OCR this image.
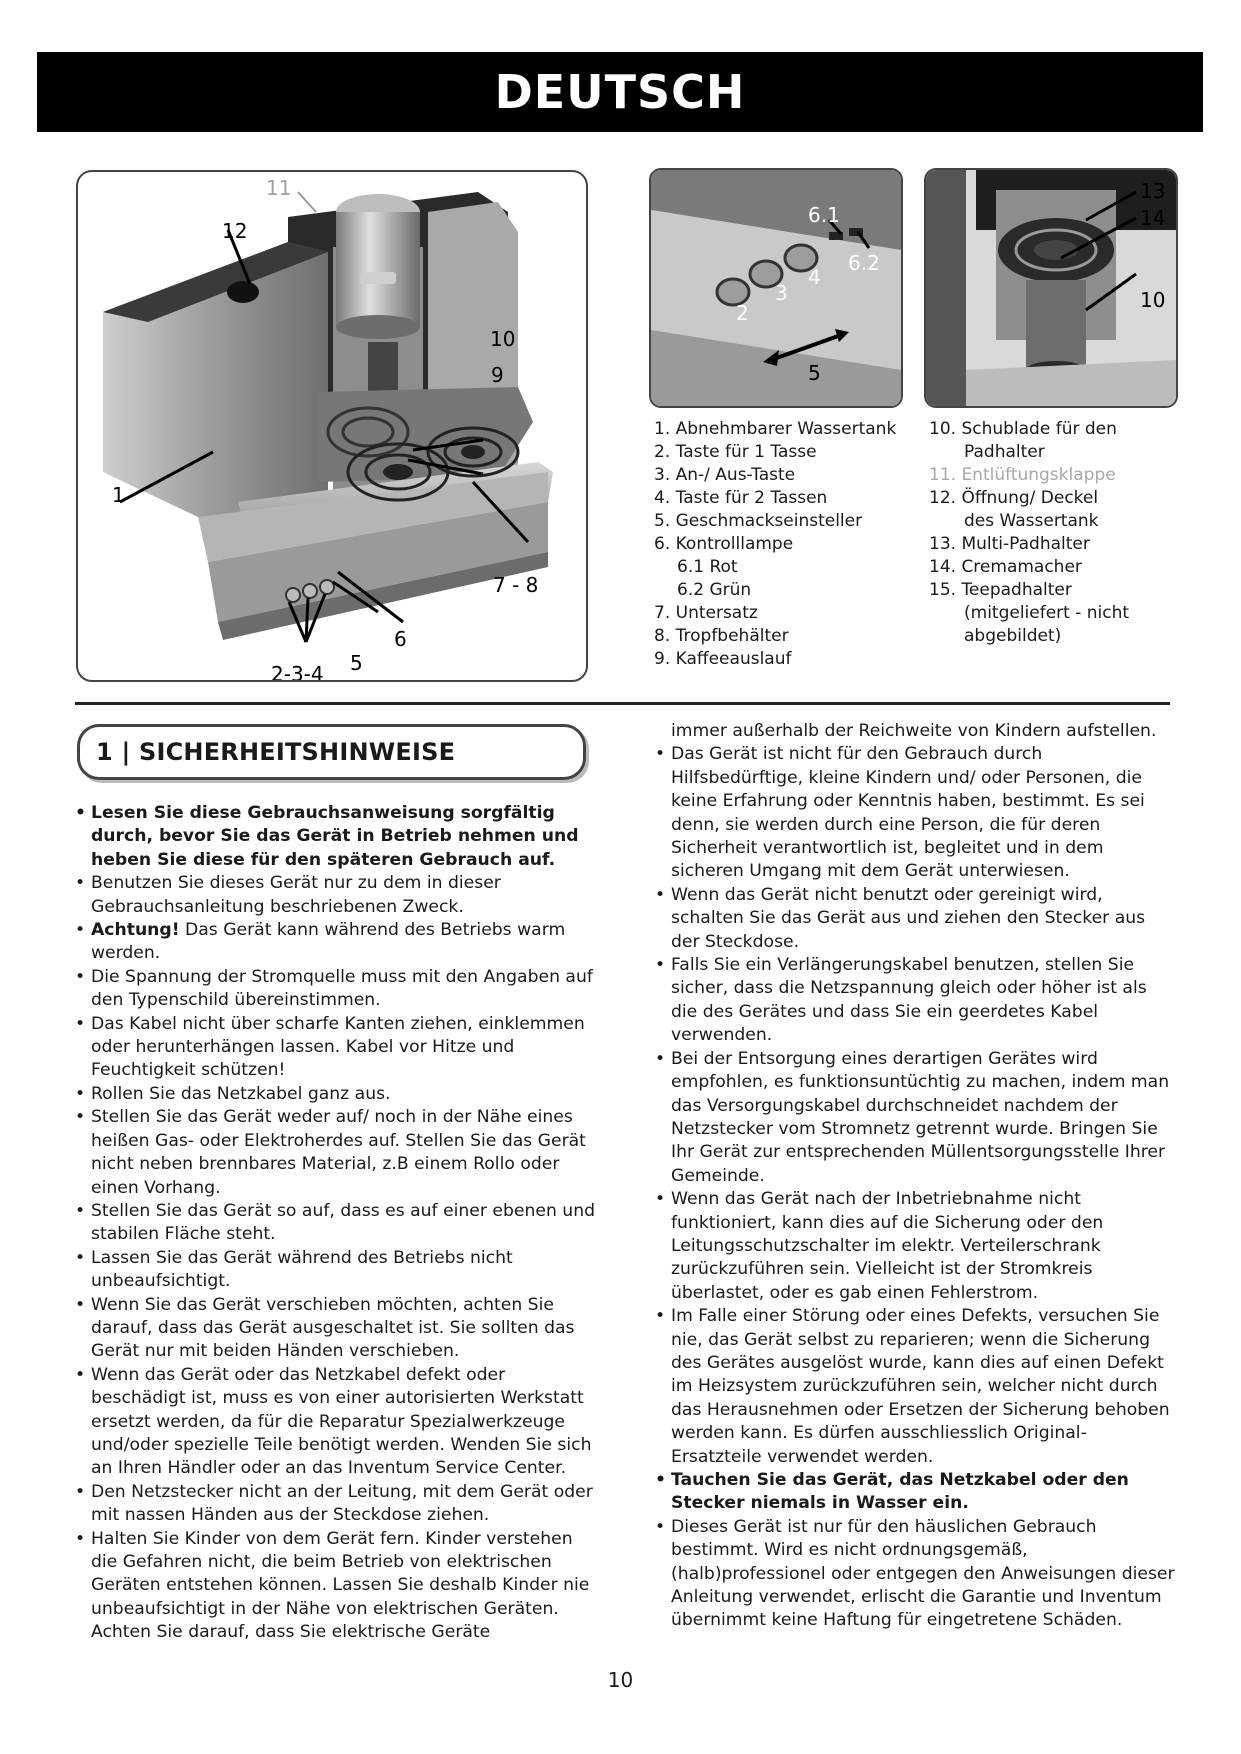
DEUTSCH
11
12
10
9
1
7 - 8
6
5
2-3-4
6.1
6.2
4
3
2
5
13
14
10
1. Abnehmbarer Wassertank
2. Taste für 1 Tasse
3. An-/ Aus-Taste
4. Taste für 2 Tassen
5. Geschmackseinsteller
6. Kontrolllampe
6.1 Rot
6.2 Grün
7. Untersatz
8. Tropfbehälter
9. Kaffeeauslauf
10. Schublade für den
Padhalter
11. Entlüftungsklappe
12. Öffnung/ Deckel
des Wassertank
13. Multi-Padhalter
14. Cremamacher
15. Teepadhalter
(mitgeliefert - nicht
abgebildet)
1 | SICHERHEITSHINWEISE
• Lesen Sie diese Gebrauchsanweisung sorgfältig durch, bevor Sie das Gerät in Betrieb nehmen und heben Sie diese für den späteren Gebrauch auf.
• Benutzen Sie dieses Gerät nur zu dem in dieser Gebrauchsanleitung beschriebenen Zweck.
• Achtung! Das Gerät kann während des Betriebs warm werden.
• Die Spannung der Stromquelle muss mit den Angaben auf den Typenschild übereinstimmen.
• Das Kabel nicht über scharfe Kanten ziehen, einklemmen oder herunterhängen lassen. Kabel vor Hitze und Feuchtigkeit schützen!
• Rollen Sie das Netzkabel ganz aus.
• Stellen Sie das Gerät weder auf/ noch in der Nähe eines heißen Gas- oder Elektroherdes auf. Stellen Sie das Gerät nicht neben brennbares Material, z.B einem Rollo oder einen Vorhang.
• Stellen Sie das Gerät so auf, dass es auf einer ebenen und stabilen Fläche steht.
• Lassen Sie das Gerät während des Betriebs nicht unbeaufsichtigt.
• Wenn Sie das Gerät verschieben möchten, achten Sie darauf, dass das Gerät ausgeschaltet ist. Sie sollten das Gerät nur mit beiden Händen verschieben.
• Wenn das Gerät oder das Netzkabel defekt oder beschädigt ist, muss es von einer autorisierten Werkstatt ersetzt werden, da für die Reparatur Spezialwerkzeuge und/oder spezielle Teile benötigt werden. Wenden Sie sich an Ihren Händler oder an das Inventum Service Center.
• Den Netzstecker nicht an der Leitung, mit dem Gerät oder mit nassen Händen aus der Steckdose ziehen.
• Halten Sie Kinder von dem Gerät fern. Kinder verstehen die Gefahren nicht, die beim Betrieb von elektrischen Geräten entstehen können. Lassen Sie deshalb Kinder nie unbeaufsichtigt in der Nähe von elektrischen Geräten. Achten Sie darauf, dass Sie elektrische Geräte
immer außerhalb der Reichweite von Kindern aufstellen.
• Das Gerät ist nicht für den Gebrauch durch Hilfsbedürftige, kleine Kindern und/ oder Personen, die keine Erfahrung oder Kenntnis haben, bestimmt. Es sei denn, sie werden durch eine Person, die für deren Sicherheit verantwortlich ist, begleitet und in dem sicheren Umgang mit dem Gerät unterwiesen.
• Wenn das Gerät nicht benutzt oder gereinigt wird, schalten Sie das Gerät aus und ziehen den Stecker aus der Steckdose.
• Falls Sie ein Verlängerungskabel benutzen, stellen Sie sicher, dass die Netzspannung gleich oder höher ist als die des Gerätes und dass Sie ein geerdetes Kabel verwenden.
• Bei der Entsorgung eines derartigen Gerätes wird empfohlen, es funktionsuntüchtig zu machen, indem man das Versorgungskabel durchschneidet nachdem der Netzstecker vom Stromnetz getrennt wurde. Bringen Sie Ihr Gerät zur entsprechenden Müllentsorgungsstelle Ihrer Gemeinde.
• Wenn das Gerät nach der Inbetriebnahme nicht funktioniert, kann dies auf die Sicherung oder den Leitungsschutzschalter im elektr. Verteilerschrank zurückzuführen sein. Vielleicht ist der Stromkreis überlastet, oder es gab einen Fehlerstrom.
• Im Falle einer Störung oder eines Defekts, versuchen Sie nie, das Gerät selbst zu reparieren; wenn die Sicherung des Gerätes ausgelöst wurde, kann dies auf einen Defekt im Heizsystem zurückzuführen sein, welcher nicht durch das Herausnehmen oder Ersetzen der Sicherung behoben werden kann. Es dürfen ausschliesslich Original-Ersatzteile verwendet werden.
• Tauchen Sie das Gerät, das Netzkabel oder den Stecker niemals in Wasser ein.
• Dieses Gerät ist nur für den häuslichen Gebrauch bestimmt. Wird es nicht ordnungsgemäß, (halb)professionel oder entgegen den Anweisungen dieser Anleitung verwendet, erlischt die Garantie und Inventum übernimmt keine Haftung für eingetretene Schäden.
10
